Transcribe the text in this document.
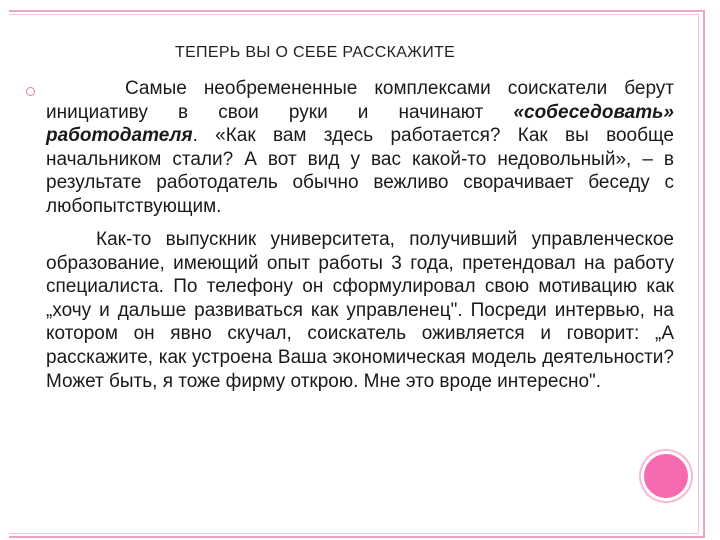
ТЕПЕРЬ ВЫ О СЕБЕ РАССКАЖИТЕ
Самые необремененные комплексами соискатели берут инициативу в свои руки и начинают «собеседовать» работодателя. «Как вам здесь работается? Как вы вообще начальником стали? А вот вид у вас какой-то недовольный», – в результате работодатель обычно вежливо сворачивает беседу с любопытствующим.
Как-то выпускник университета, получивший управленческое образование, имеющий опыт работы 3 года, претендовал на работу специалиста. По телефону он сформулировал свою мотивацию как „хочу и дальше развиваться как управленец". Посреди интервью, на котором он явно скучал, соискатель оживляется и говорит: „А расскажите, как устроена Ваша экономическая модель деятельности? Может быть, я тоже фирму открою. Мне это вроде интересно".
